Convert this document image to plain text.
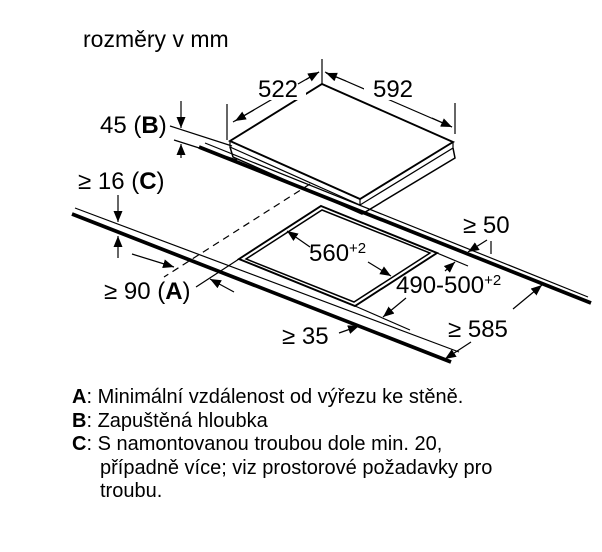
rozměry v mm
522	592
45 (B)
≥ 16 (C)
≥ 50
$560^{+2}$
$490-500^{+2}$
≥ 90 (A)
≥ 35	≥ 585
A: Minimální vzdálenost od výřezu ke stěně.
B: Zapuštěná hloubka
C: S namontovanou troubou dole min. 20, případně více; viz prostorové požadavky pro troubu.
